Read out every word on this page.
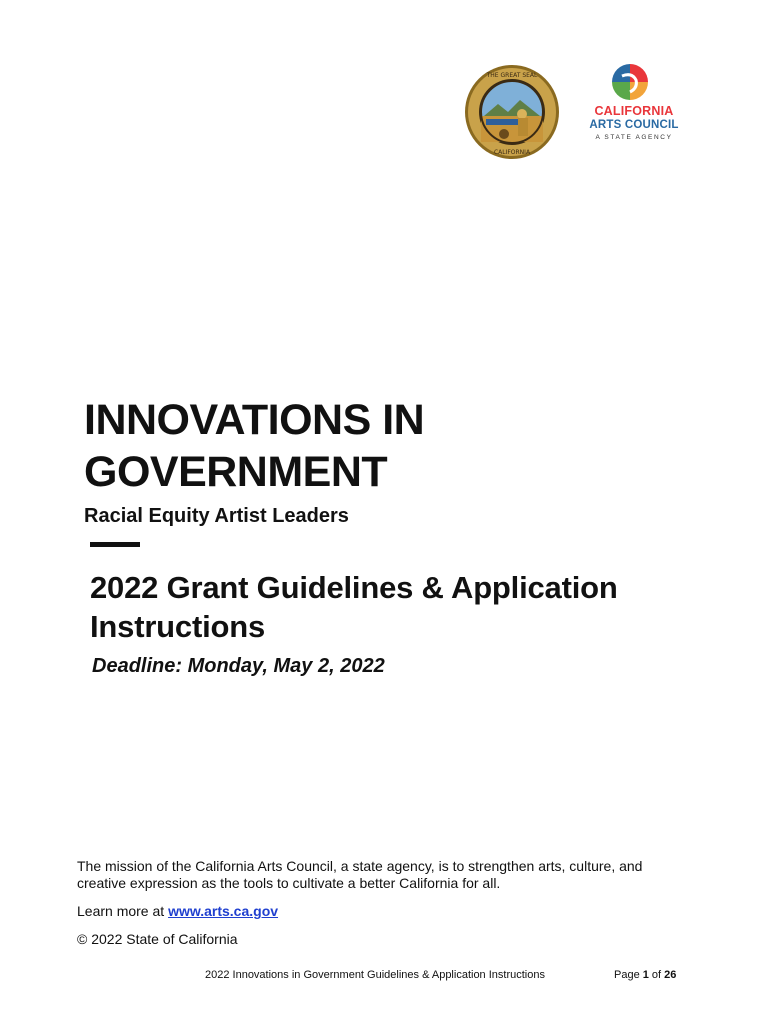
THE GREAT SEAL
CALIFORNIA
CALIFORNIA
ARTS COUNCIL
A STATE AGENCY
INNOVATIONS IN
GOVERNMENT

Racial Equity Artist Leaders

2022 Grant Guidelines & Application
Instructions

Deadline: Monday, May 2, 2022

The mission of the California Arts Council, a state agency, is to strengthen arts, culture, and creative expression as the tools to cultivate a better California for all.

Learn more at www.arts.ca.gov

© 2022 State of California

2022 Innovations in Government Guidelines & Application Instructions	Page 1 of 26
